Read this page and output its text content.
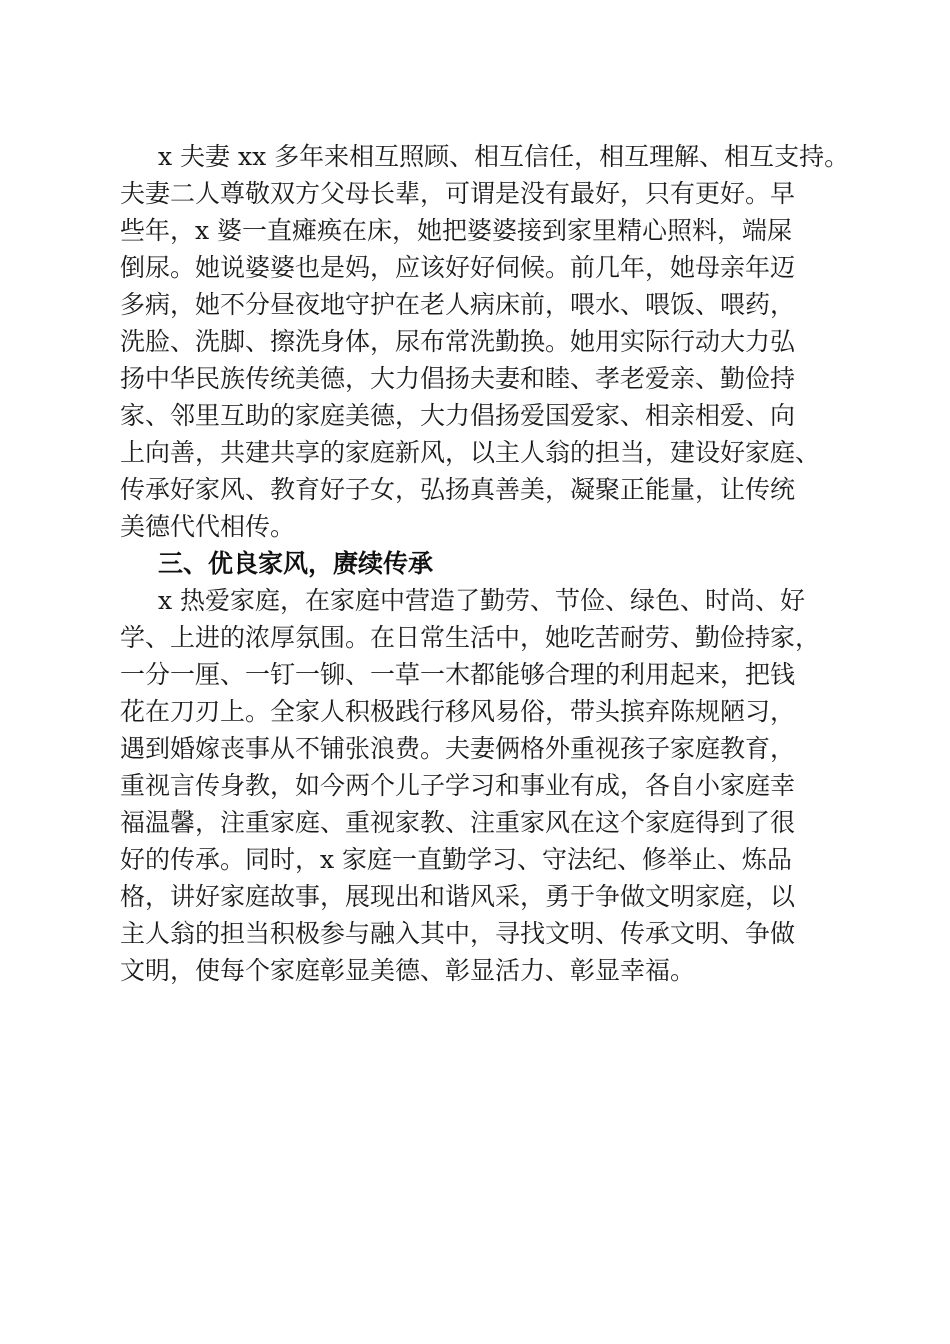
x 夫妻 xx 多年来相互照顾、相互信任，相互理解、相互支持。

夫妻二人尊敬双方父母长辈，可谓是没有最好，只有更好。早

些年，x 婆一直瘫痪在床，她把婆婆接到家里精心照料，端屎

倒尿。她说婆婆也是妈，应该好好伺候。前几年，她母亲年迈

多病，她不分昼夜地守护在老人病床前，喂水、喂饭、喂药，

洗脸、洗脚、擦洗身体，尿布常洗勤换。她用实际行动大力弘

扬中华民族传统美德，大力倡扬夫妻和睦、孝老爱亲、勤俭持

家、邻里互助的家庭美德，大力倡扬爱国爱家、相亲相爱、向

上向善，共建共享的家庭新风，以主人翁的担当，建设好家庭、

传承好家风、教育好子女，弘扬真善美，凝聚正能量，让传统

美德代代相传。

三、优良家风，赓续传承

x 热爱家庭，在家庭中营造了勤劳、节俭、绿色、时尚、好

学、上进的浓厚氛围。在日常生活中，她吃苦耐劳、勤俭持家，

一分一厘、一钉一铆、一草一木都能够合理的利用起来，把钱

花在刀刃上。全家人积极践行移风易俗，带头摈弃陈规陋习，

遇到婚嫁丧事从不铺张浪费。夫妻俩格外重视孩子家庭教育，

重视言传身教，如今两个儿子学习和事业有成，各自小家庭幸

福温馨，注重家庭、重视家教、注重家风在这个家庭得到了很

好的传承。同时，x 家庭一直勤学习、守法纪、修举止、炼品

格，讲好家庭故事，展现出和谐风采，勇于争做文明家庭，以

主人翁的担当积极参与融入其中，寻找文明、传承文明、争做

文明，使每个家庭彰显美德、彰显活力、彰显幸福。
